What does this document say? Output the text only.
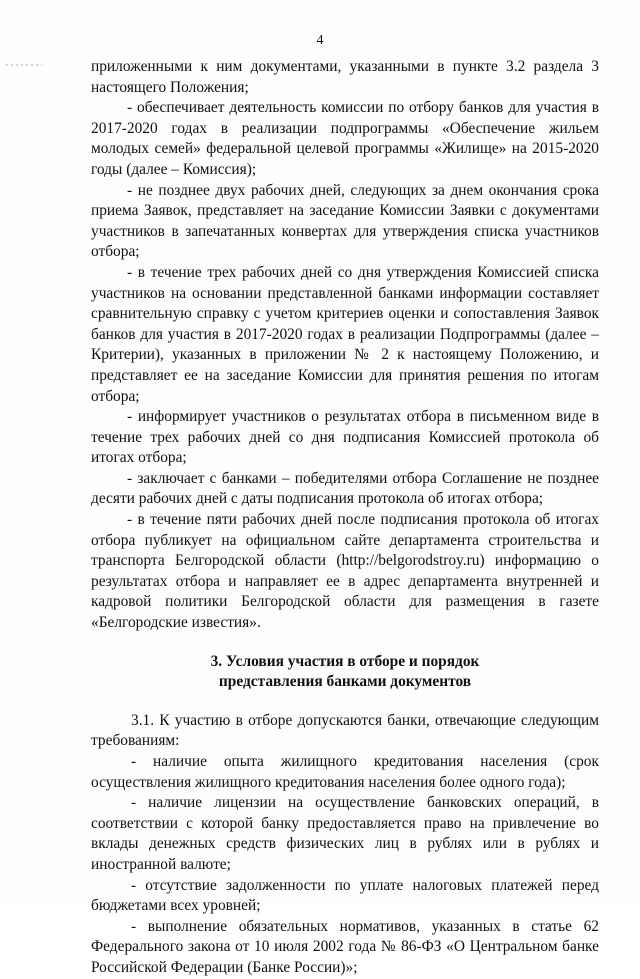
4

приложенными к ним документами, указанными в пункте 3.2 раздела 3 настоящего Положения;

- обеспечивает деятельность комиссии по отбору банков для участия в 2017-2020 годах в реализации подпрограммы «Обеспечение жильем молодых семей» федеральной целевой программы «Жилище» на 2015-2020 годы (далее – Комиссия);

- не позднее двух рабочих дней, следующих за днем окончания срока приема Заявок, представляет на заседание Комиссии Заявки с документами участников в запечатанных конвертах для утверждения списка участников отбора;

- в течение трех рабочих дней со дня утверждения Комиссией списка участников на основании представленной банками информации составляет сравнительную справку с учетом критериев оценки и сопоставления Заявок банков для участия в 2017-2020 годах в реализации Подпрограммы (далее – Критерии), указанных в приложении № 2 к настоящему Положению, и представляет ее на заседание Комиссии для принятия решения по итогам отбора;

- информирует участников о результатах отбора в письменном виде в течение трех рабочих дней со дня подписания Комиссией протокола об итогах отбора;

- заключает с банками – победителями отбора Соглашение не позднее десяти рабочих дней с даты подписания протокола об итогах отбора;

- в течение пяти рабочих дней после подписания протокола об итогах отбора публикует на официальном сайте департамента строительства и транспорта Белгородской области (http://belgorodstroy.ru) информацию о результатах отбора и направляет ее в адрес департамента внутренней и кадровой политики Белгородской области для размещения в газете «Белгородские известия».

3. Условия участия в отборе и порядок
представления банками документов

3.1. К участию в отборе допускаются банки, отвечающие следующим требованиям:

- наличие опыта жилищного кредитования населения (срок осуществления жилищного кредитования населения более одного года);

- наличие лицензии на осуществление банковских операций, в соответствии с которой банку предоставляется право на привлечение во вклады денежных средств физических лиц в рублях или в рублях и иностранной валюте;

- отсутствие задолженности по уплате налоговых платежей перед бюджетами всех уровней;

- выполнение обязательных нормативов, указанных в статье 62 Федерального закона от 10 июля 2002 года № 86-ФЗ «О Центральном банке Российской Федерации (Банке России)»;
